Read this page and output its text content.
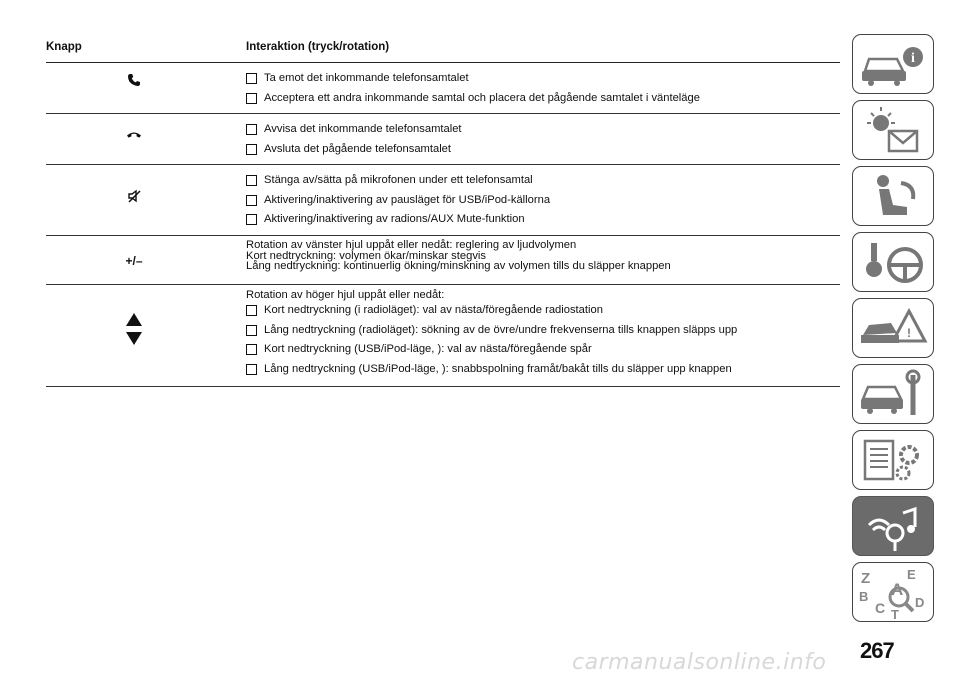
Knapp	Interaktion (tryck/rotation)
Ta emot det inkommande telefonsamtalet
Acceptera ett andra inkommande samtal och placera det pågående samtalet i vänteläge
Avvisa det inkommande telefonsamtalet
Avsluta det pågående telefonsamtalet
Stänga av/sätta på mikrofonen under ett telefonsamtal
Aktivering/inaktivering av pausläget för USB/iPod-källorna
Aktivering/inaktivering av radions/AUX Mute-funktion
+/–
Rotation av vänster hjul uppåt eller nedåt: reglering av ljudvolymen
Kort nedtryckning: volymen ökar/minskar stegvis
Lång nedtryckning: kontinuerlig ökning/minskning av volymen tills du släpper knappen
Rotation av höger hjul uppåt eller nedåt:
Kort nedtryckning (i radioläget): val av nästa/föregående radiostation
Lång nedtryckning (radioläget): sökning av de övre/undre frekvenserna tills knappen släpps upp
Kort nedtryckning (USB/iPod-läge, ): val av nästa/föregående spår
Lång nedtryckning (USB/iPod-läge, ): snabbspolning framåt/bakåt tills du släpper upp knappen
i
!
Z	E
A
B
C D
T
267
carmanualsonline.info
